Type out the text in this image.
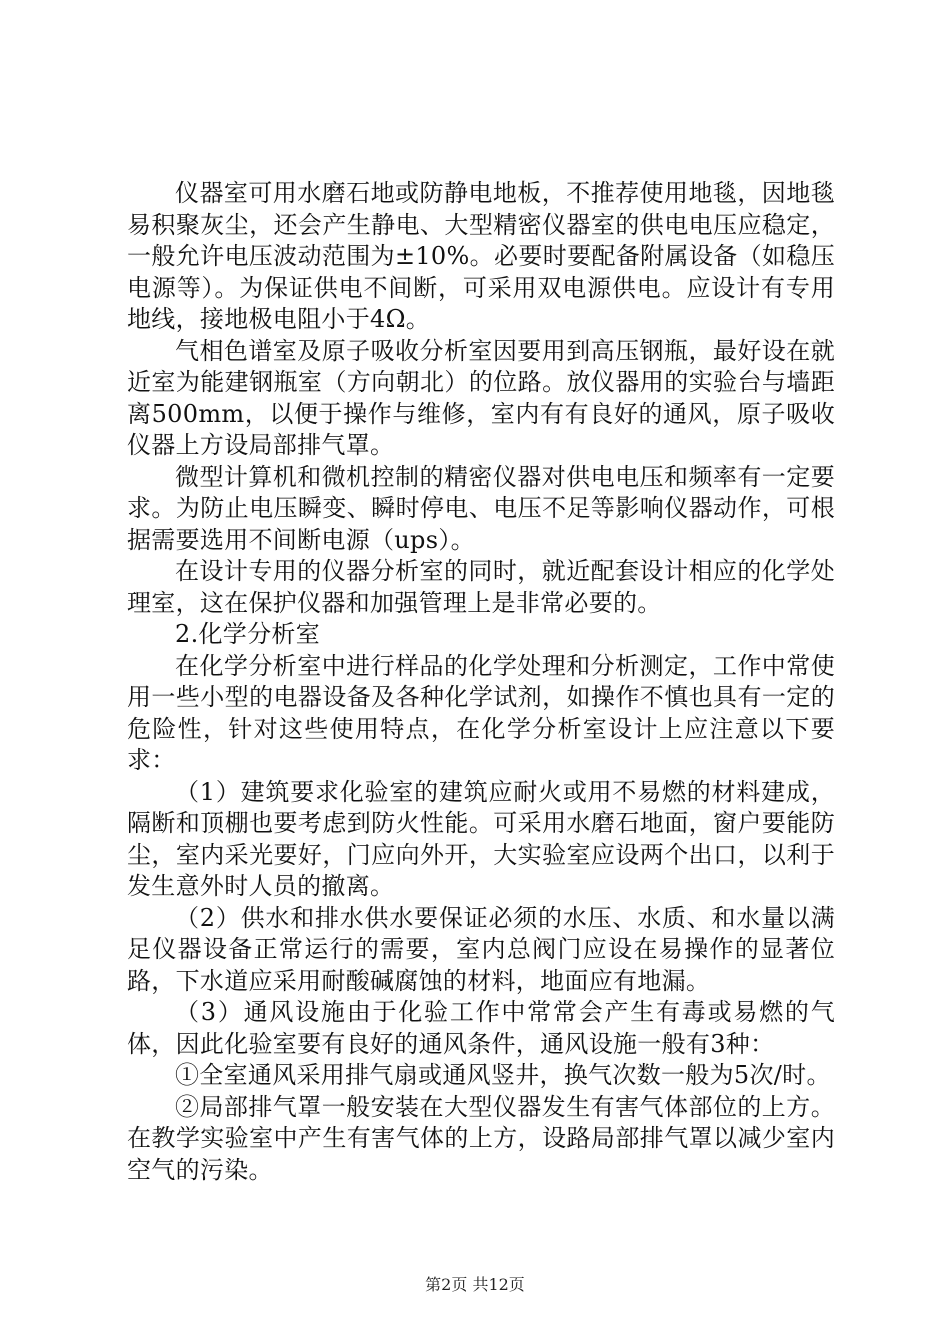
仪器室可用水磨石地或防静电地板，不推荐使用地毯，因地毯易积聚灰尘，还会产生静电、大型精密仪器室的供电电压应稳定，一般允许电压波动范围为±10%。必要时要配备附属设备（如稳压电源等）。为保证供电不间断，可采用双电源供电。应设计有专用地线，接地极电阻小于4Ω。

气相色谱室及原子吸收分析室因要用到高压钢瓶，最好设在就近室为能建钢瓶室（方向朝北）的位路。放仪器用的实验台与墙距离500mm，以便于操作与维修，室内有有良好的通风，原子吸收仪器上方设局部排气罩。

微型计算机和微机控制的精密仪器对供电电压和频率有一定要求。为防止电压瞬变、瞬时停电、电压不足等影响仪器动作，可根据需要选用不间断电源（ups）。

在设计专用的仪器分析室的同时，就近配套设计相应的化学处理室，这在保护仪器和加强管理上是非常必要的。

2.化学分析室

在化学分析室中进行样品的化学处理和分析测定，工作中常使用一些小型的电器设备及各种化学试剂，如操作不慎也具有一定的危险性，针对这些使用特点，在化学分析室设计上应注意以下要求：

（1）建筑要求化验室的建筑应耐火或用不易燃的材料建成，隔断和顶棚也要考虑到防火性能。可采用水磨石地面，窗户要能防尘，室内采光要好，门应向外开，大实验室应设两个出口，以利于发生意外时人员的撤离。

（2）供水和排水供水要保证必须的水压、水质、和水量以满足仪器设备正常运行的需要，室内总阀门应设在易操作的显著位路，下水道应采用耐酸碱腐蚀的材料，地面应有地漏。

（3）通风设施由于化验工作中常常会产生有毒或易燃的气体，因此化验室要有良好的通风条件，通风设施一般有3种：

①全室通风采用排气扇或通风竖井，换气次数一般为5次/时。

②局部排气罩一般安装在大型仪器发生有害气体部位的上方。在教学实验室中产生有害气体的上方，设路局部排气罩以减少室内空气的污染。

第2页 共12页
